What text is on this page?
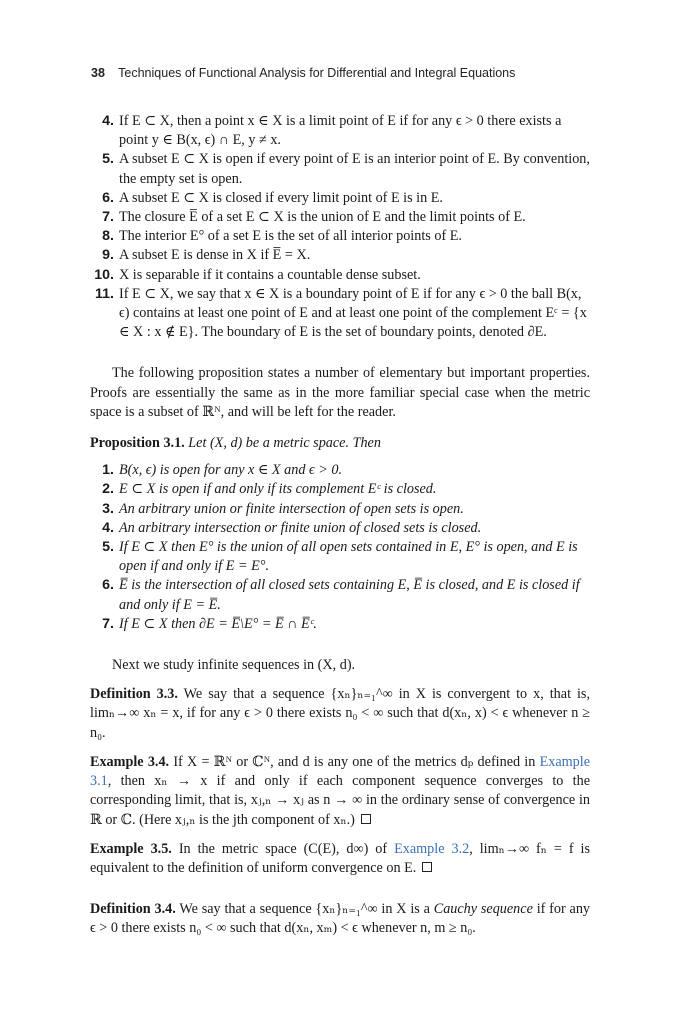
38 Techniques of Functional Analysis for Differential and Integral Equations
4. If E ⊂ X, then a point x ∈ X is a limit point of E if for any ϵ > 0 there exists a point y ∈ B(x, ϵ) ∩ E, y ≠ x.
5. A subset E ⊂ X is open if every point of E is an interior point of E. By convention, the empty set is open.
6. A subset E ⊂ X is closed if every limit point of E is in E.
7. The closure E̅ of a set E ⊂ X is the union of E and the limit points of E.
8. The interior E° of a set E is the set of all interior points of E.
9. A subset E is dense in X if E̅ = X.
10. X is separable if it contains a countable dense subset.
11. If E ⊂ X, we say that x ∈ X is a boundary point of E if for any ϵ > 0 the ball B(x, ϵ) contains at least one point of E and at least one point of the complement Eᶜ = {x ∈ X : x ∉ E}. The boundary of E is the set of boundary points, denoted ∂E.

The following proposition states a number of elementary but important properties. Proofs are essentially the same as in the more familiar special case when the metric space is a subset of ℝᴺ, and will be left for the reader.

Proposition 3.1. Let (X, d) be a metric space. Then

1. B(x, ϵ) is open for any x ∈ X and ϵ > 0.
2. E ⊂ X is open if and only if its complement Eᶜ is closed.
3. An arbitrary union or finite intersection of open sets is open.
4. An arbitrary intersection or finite union of closed sets is closed.
5. If E ⊂ X then E° is the union of all open sets contained in E, E° is open, and E is open if and only if E = E°.
6. E̅ is the intersection of all closed sets containing E, E̅ is closed, and E is closed if and only if E = E̅.
7. If E ⊂ X then ∂E = E̅\E° = E̅ ∩ E̅ᶜ.

Next we study infinite sequences in (X, d).

Definition 3.3. We say that a sequence {xₙ}ₙ₌₁^∞ in X is convergent to x, that is, limₙ→∞ xₙ = x, if for any ϵ > 0 there exists n₀ < ∞ such that d(xₙ, x) < ϵ whenever n ≥ n₀.

Example 3.4. If X = ℝᴺ or ℂᴺ, and d is any one of the metrics dₚ defined in Example 3.1, then xₙ → x if and only if each component sequence converges to the corresponding limit, that is, xⱼ,ₙ → xⱼ as n → ∞ in the ordinary sense of convergence in ℝ or ℂ. (Here xⱼ,ₙ is the jth component of xₙ.)

Example 3.5. In the metric space (C(E), d∞) of Example 3.2, limₙ→∞ fₙ = f is equivalent to the definition of uniform convergence on E.

Definition 3.4. We say that a sequence {xₙ}ₙ₌₁^∞ in X is a Cauchy sequence if for any ϵ > 0 there exists n₀ < ∞ such that d(xₙ, xₘ) < ϵ whenever n, m ≥ n₀.
